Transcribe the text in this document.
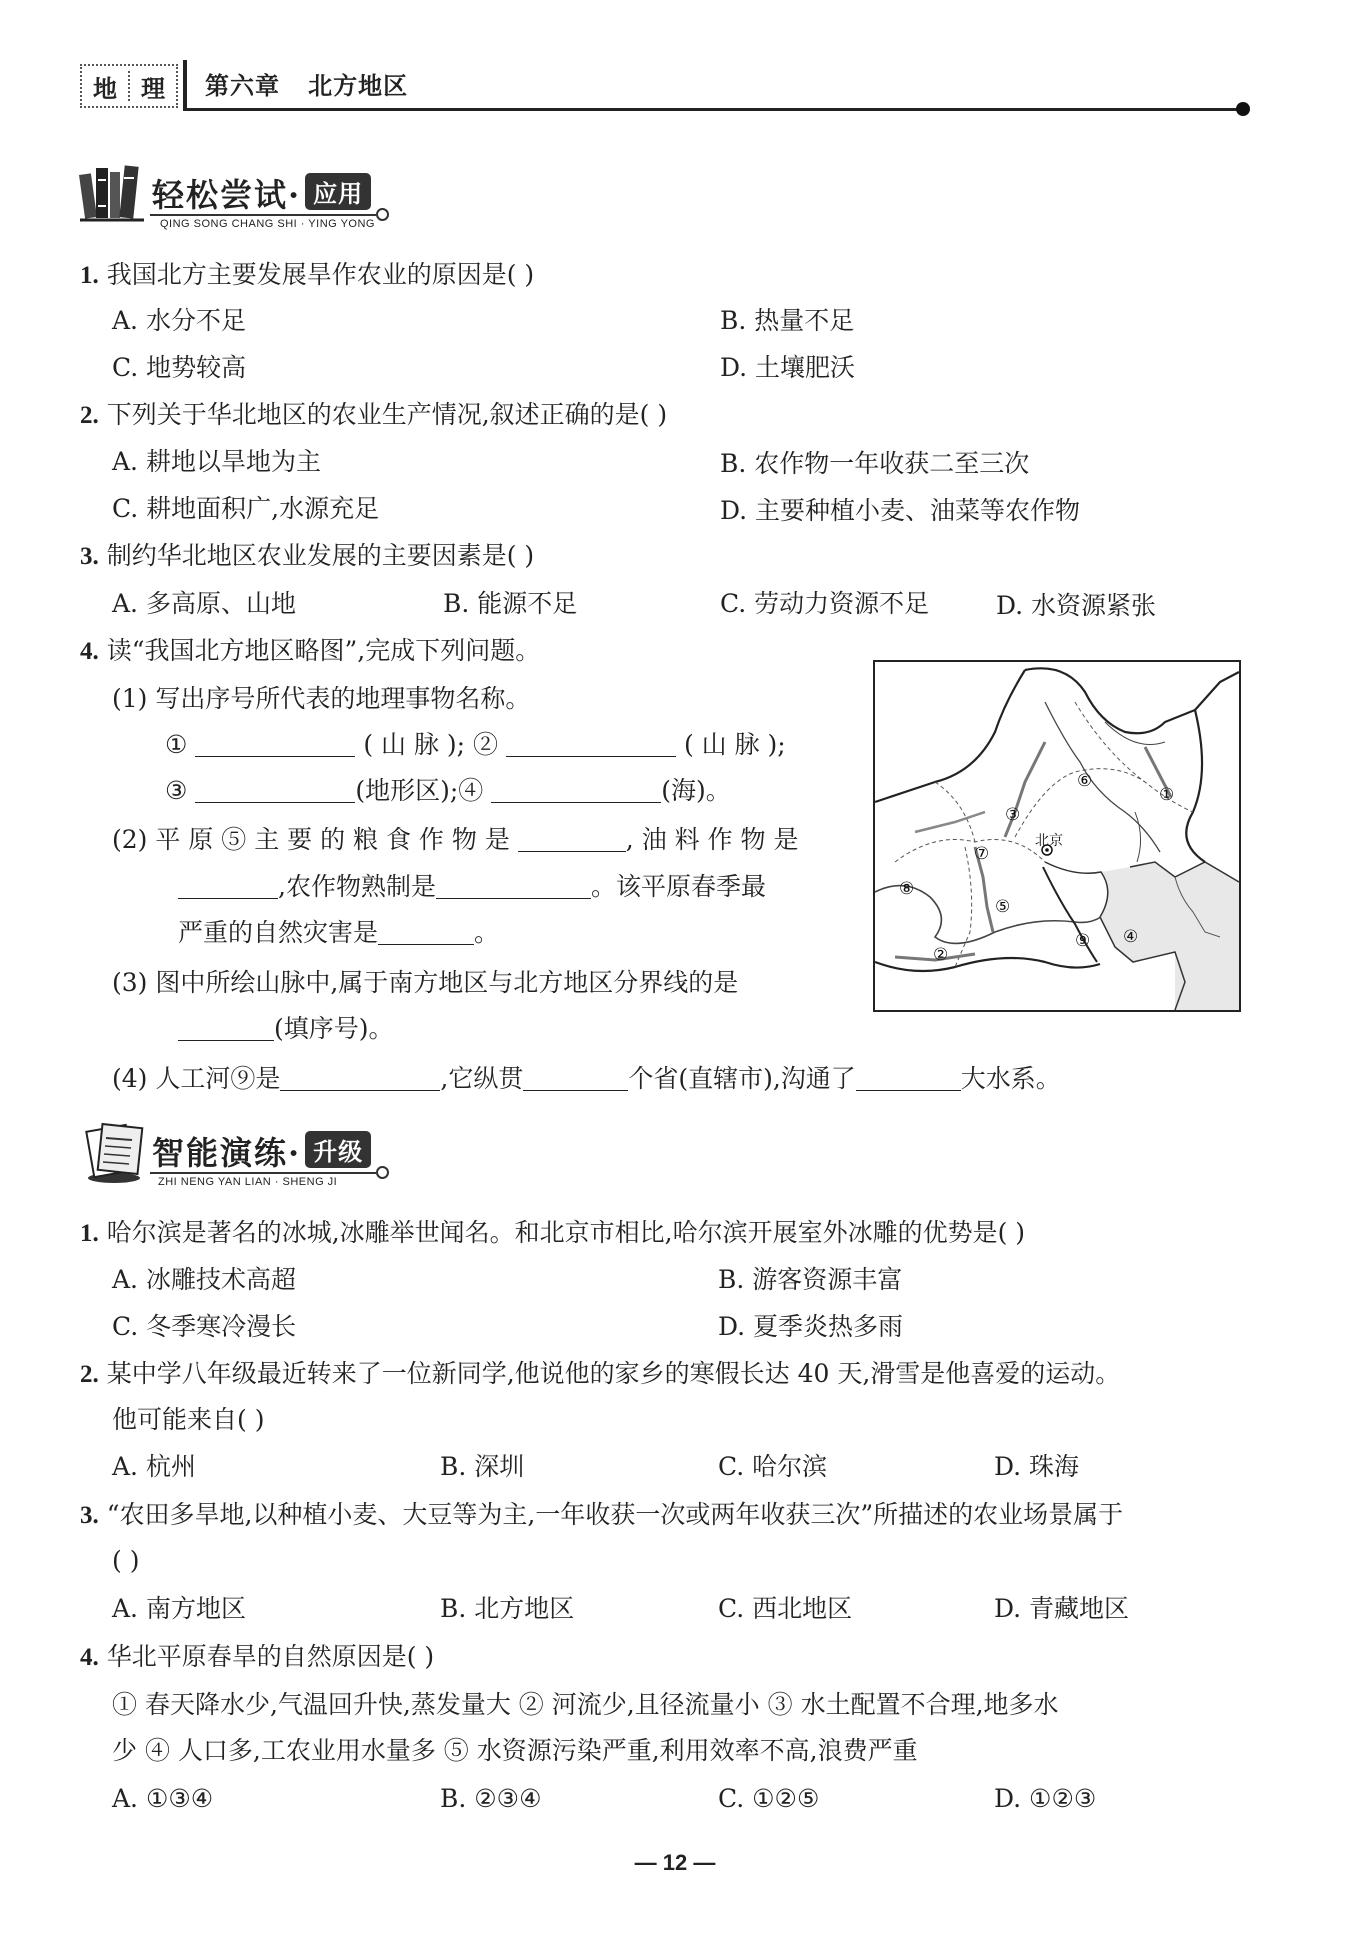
地	理	第六章   北方地区
轻松尝试· 应用
QING SONG CHANG SHI · YING YONG
1. 我国北方主要发展旱作农业的原因是( )
A. 水分不足	B. 热量不足
C. 地势较高	D. 土壤肥沃
2. 下列关于华北地区的农业生产情况,叙述正确的是( )
A. 耕地以旱地为主	B. 农作物一年收获二至三次
C. 耕地面积广,水源充足	D. 主要种植小麦、油菜等农作物
3. 制约华北地区农业发展的主要因素是( )
A. 多高原、山地	B. 能源不足	C. 劳动力资源不足	D. 水资源紧张
4. 读“我国北方地区略图”,完成下列问题。
(1) 写出序号所代表的地理事物名称。
①	( 山 脉 ); ②	( 山 脉 );
③	(地形区);④	(海)。
(2) 平 原 ⑤ 主 要 的 粮 食 作 物 是	, 油 料 作 物 是
,农作物熟制是	。该平原春季最
严重的自然灾害是	。
(3) 图中所绘山脉中,属于南方地区与北方地区分界线的是
(填序号)。
(4) 人工河⑨是	,它纵贯	个省(直辖市),沟通了	大水系。
北京
①
②
③
④
⑤
⑥
⑦
⑧
⑨
智能演练· 升级
ZHI NENG YAN LIAN · SHENG JI
1. 哈尔滨是著名的冰城,冰雕举世闻名。和北京市相比,哈尔滨开展室外冰雕的优势是( )
A. 冰雕技术高超	B. 游客资源丰富
C. 冬季寒冷漫长	D. 夏季炎热多雨
2. 某中学八年级最近转来了一位新同学,他说他的家乡的寒假长达 40 天,滑雪是他喜爱的运动。
他可能来自( )
A. 杭州	B. 深圳	C. 哈尔滨	D. 珠海
3. “农田多旱地,以种植小麦、大豆等为主,一年收获一次或两年收获三次”所描述的农业场景属于
( )
A. 南方地区	B. 北方地区	C. 西北地区	D. 青藏地区
4. 华北平原春旱的自然原因是( )
① 春天降水少,气温回升快,蒸发量大 ② 河流少,且径流量小 ③ 水土配置不合理,地多水
少 ④ 人口多,工农业用水量多 ⑤ 水资源污染严重,利用效率不高,浪费严重
A. ①③④	B. ②③④	C. ①②⑤	D. ①②③
— 12 —
